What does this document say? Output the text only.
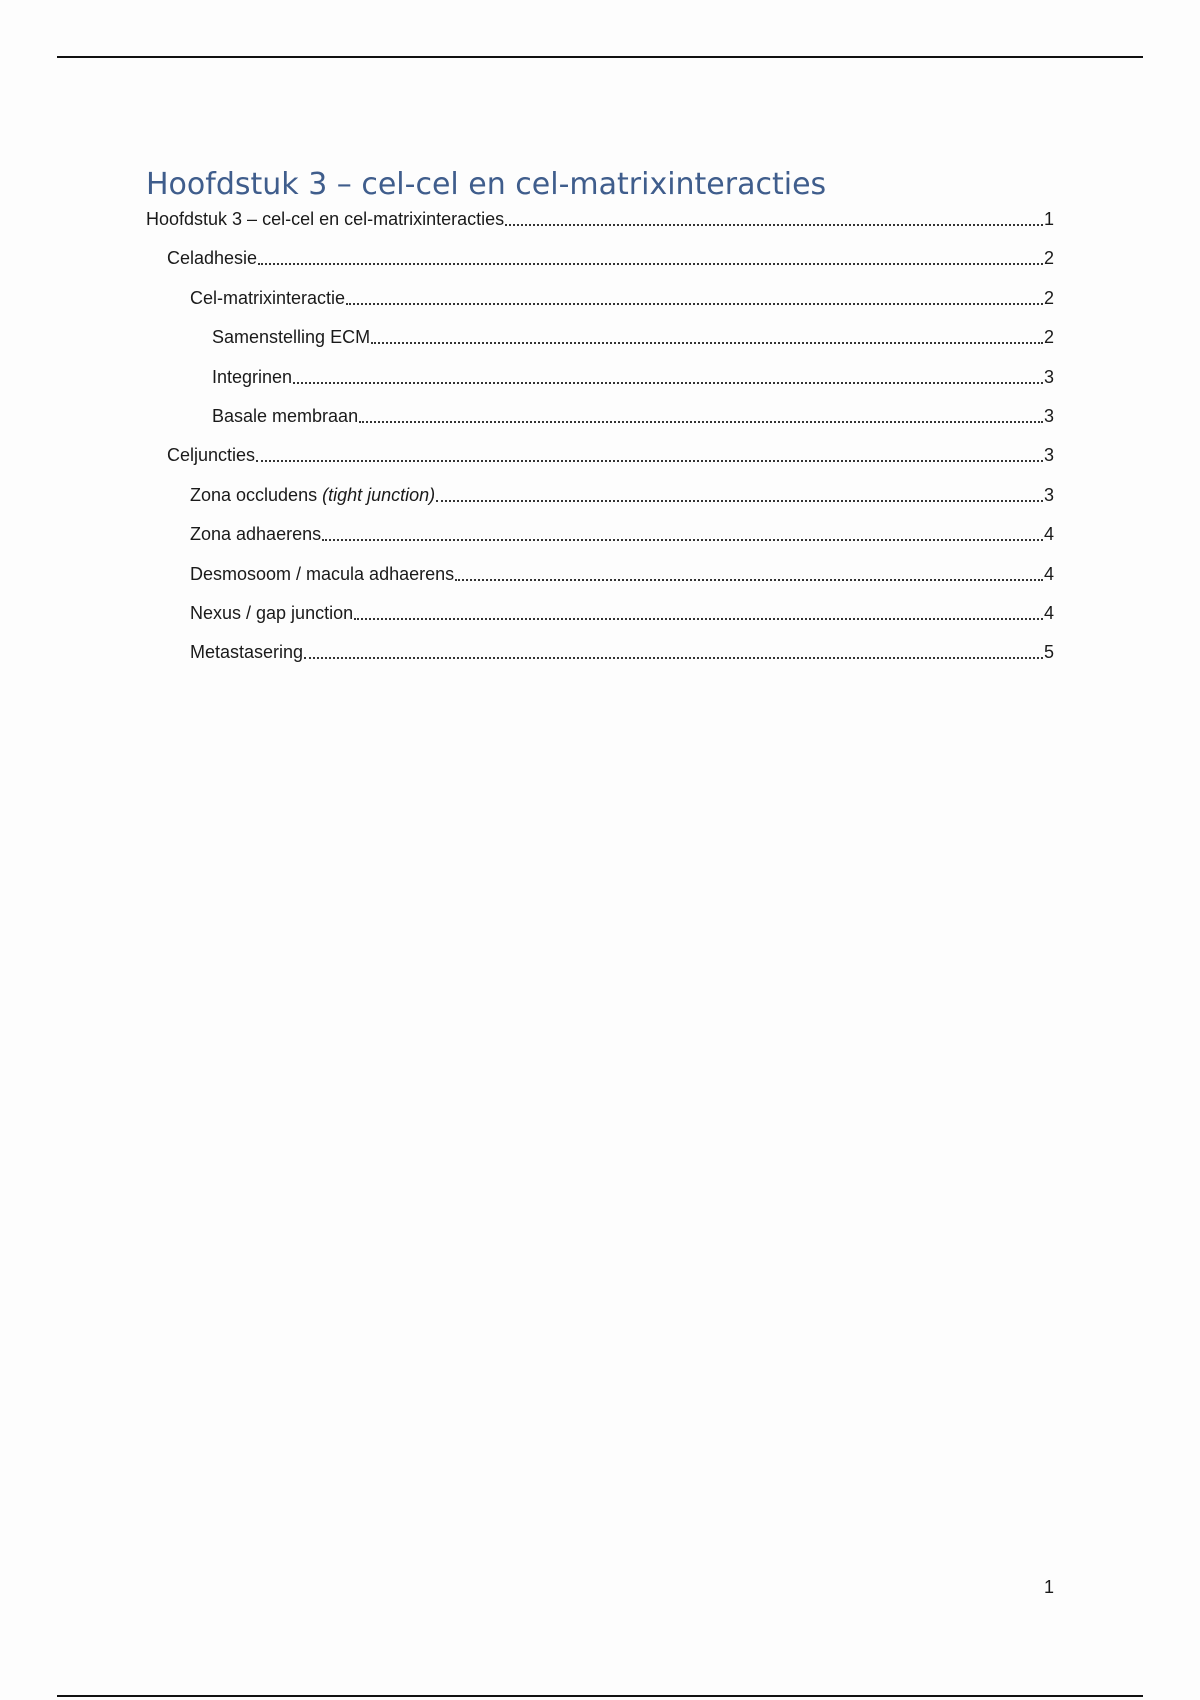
Hoofdstuk 3 – cel-cel en cel-matrixinteracties
Hoofdstuk 3 – cel-cel en cel-matrixinteracties	1
Celadhesie	2
Cel-matrixinteractie	2
Samenstelling ECM	2
Integrinen	3
Basale membraan	3
Celjuncties	3
Zona occludens (tight junction)	3
Zona adhaerens	4
Desmosoom / macula adhaerens	4
Nexus / gap junction	4
Metastasering	5
1
